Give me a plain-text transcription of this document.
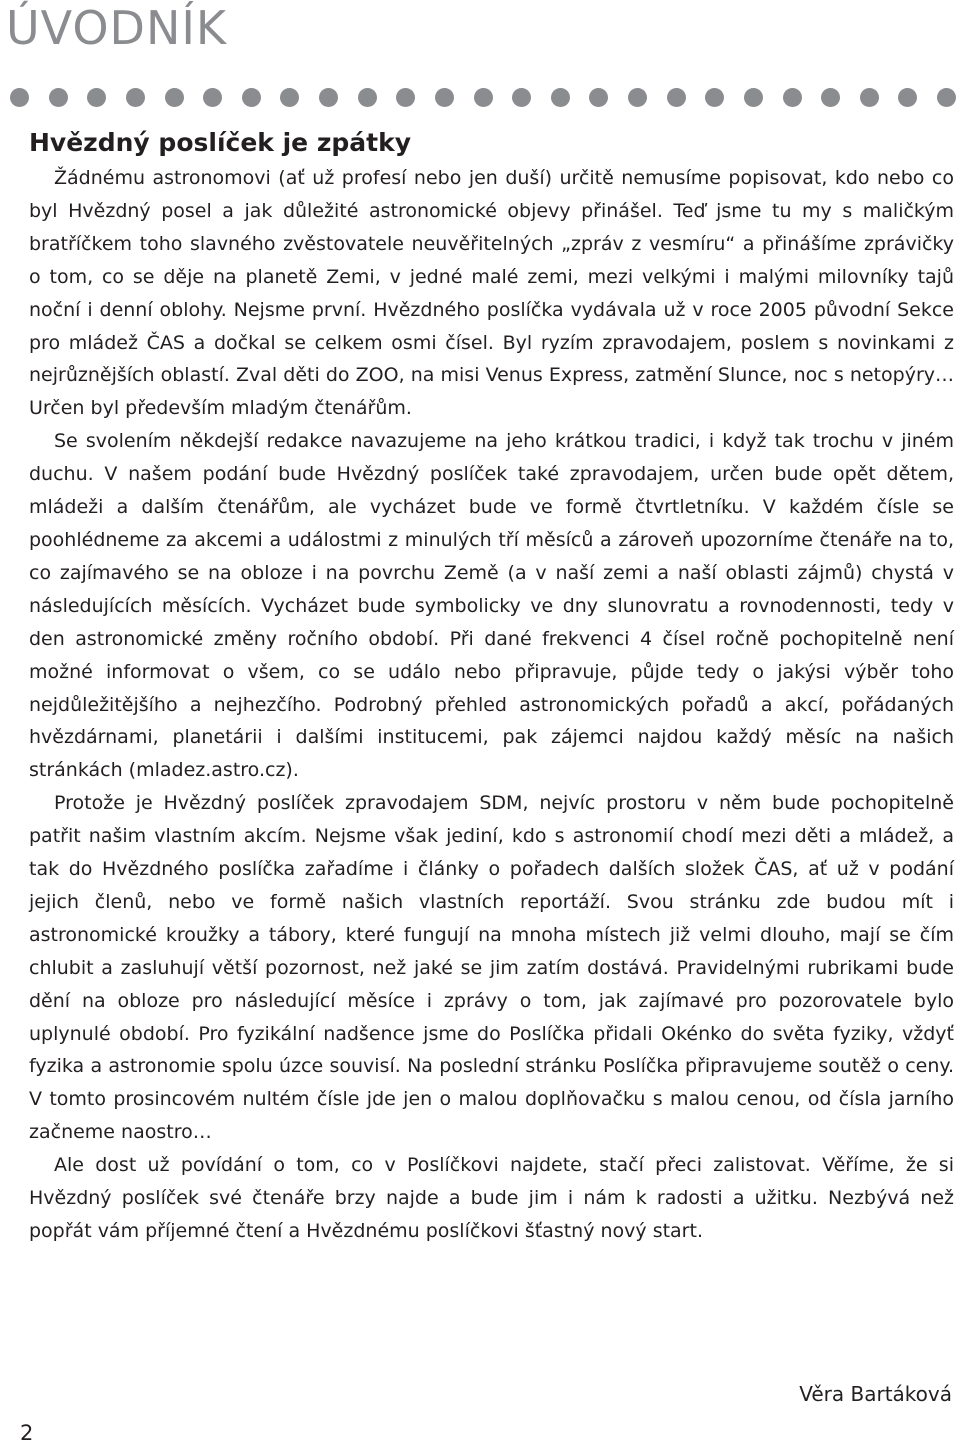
ÚVODNÍK
Hvězdný poslíček je zpátky

Žádnému astronomovi (ať už profesí nebo jen duší) určitě nemusíme popisovat, kdo nebo co byl Hvězdný posel a jak důležité astronomické objevy přinášel. Teď jsme tu my s maličkým bratříčkem toho slavného zvěstovatele neuvěřitelných „zpráv z vesmíru“ a přinášíme zprávičky o tom, co se děje na planetě Zemi, v jedné malé zemi, mezi velkými i malými milovníky tajů noční i denní oblohy. Nejsme první. Hvězdného poslíčka vydávala už v roce 2005 původní Sekce pro mládež ČAS a dočkal se celkem osmi čísel. Byl ryzím zpravodajem, poslem s novinkami z nejrůznějších oblastí. Zval děti do ZOO, na misi Venus Express, zatmění Slunce, noc s netopýry… Určen byl především mladým čtenářům.

Se svolením někdejší redakce navazujeme na jeho krátkou tradici, i když tak trochu v jiném duchu. V našem podání bude Hvězdný poslíček také zpravodajem, určen bude opět dětem, mládeži a dalším čtenářům, ale vycházet bude ve formě čtvrtletníku. V každém čísle se poohlédneme za akcemi a událostmi z minulých tří měsíců a zároveň upozorníme čtenáře na to, co zajímavého se na obloze i na povrchu Země (a v naší zemi a naší oblasti zájmů) chystá v následujících měsících. Vycházet bude symbolicky ve dny slunovratu a rovnodennosti, tedy v den astronomické změny ročního období. Při dané frekvenci 4 čísel ročně pochopitelně není možné informovat o všem, co se událo nebo připravuje, půjde tedy o jakýsi výběr toho nejdůležitějšího a nejhezčího. Podrobný přehled astronomických pořadů a akcí, pořádaných hvězdárnami, planetárii i dalšími institucemi, pak zájemci najdou každý měsíc na našich stránkách (mladez.astro.cz).

Protože je Hvězdný poslíček zpravodajem SDM, nejvíc prostoru v něm bude pochopitelně patřit našim vlastním akcím. Nejsme však jediní, kdo s astronomií chodí mezi děti a mládež, a tak do Hvězdného poslíčka zařadíme i články o pořadech dalších složek ČAS, ať už v podání jejich členů, nebo ve formě našich vlastních reportáží. Svou stránku zde budou mít i astronomické kroužky a tábory, které fungují na mnoha místech již velmi dlouho, mají se čím chlubit a zasluhují větší pozornost, než jaké se jim zatím dostává. Pravidelnými rubrikami bude dění na obloze pro následující měsíce i zprávy o tom, jak zajímavé pro pozorovatele bylo uplynulé období. Pro fyzikální nadšence jsme do Poslíčka přidali Okénko do světa fyziky, vždyť fyzika a astronomie spolu úzce souvisí. Na poslední stránku Poslíčka připravujeme soutěž o ceny. V tomto prosincovém nultém čísle jde jen o malou doplňovačku s malou cenou, od čísla jarního začneme naostro…

Ale dost už povídání o tom, co v Poslíčkovi najdete, stačí přeci zalistovat. Věříme, že si Hvězdný poslíček své čtenáře brzy najde a bude jim i nám k radosti a užitku. Nezbývá než popřát vám příjemné čtení a Hvězdnému poslíčkovi šťastný nový start.

Věra Bartáková
2
